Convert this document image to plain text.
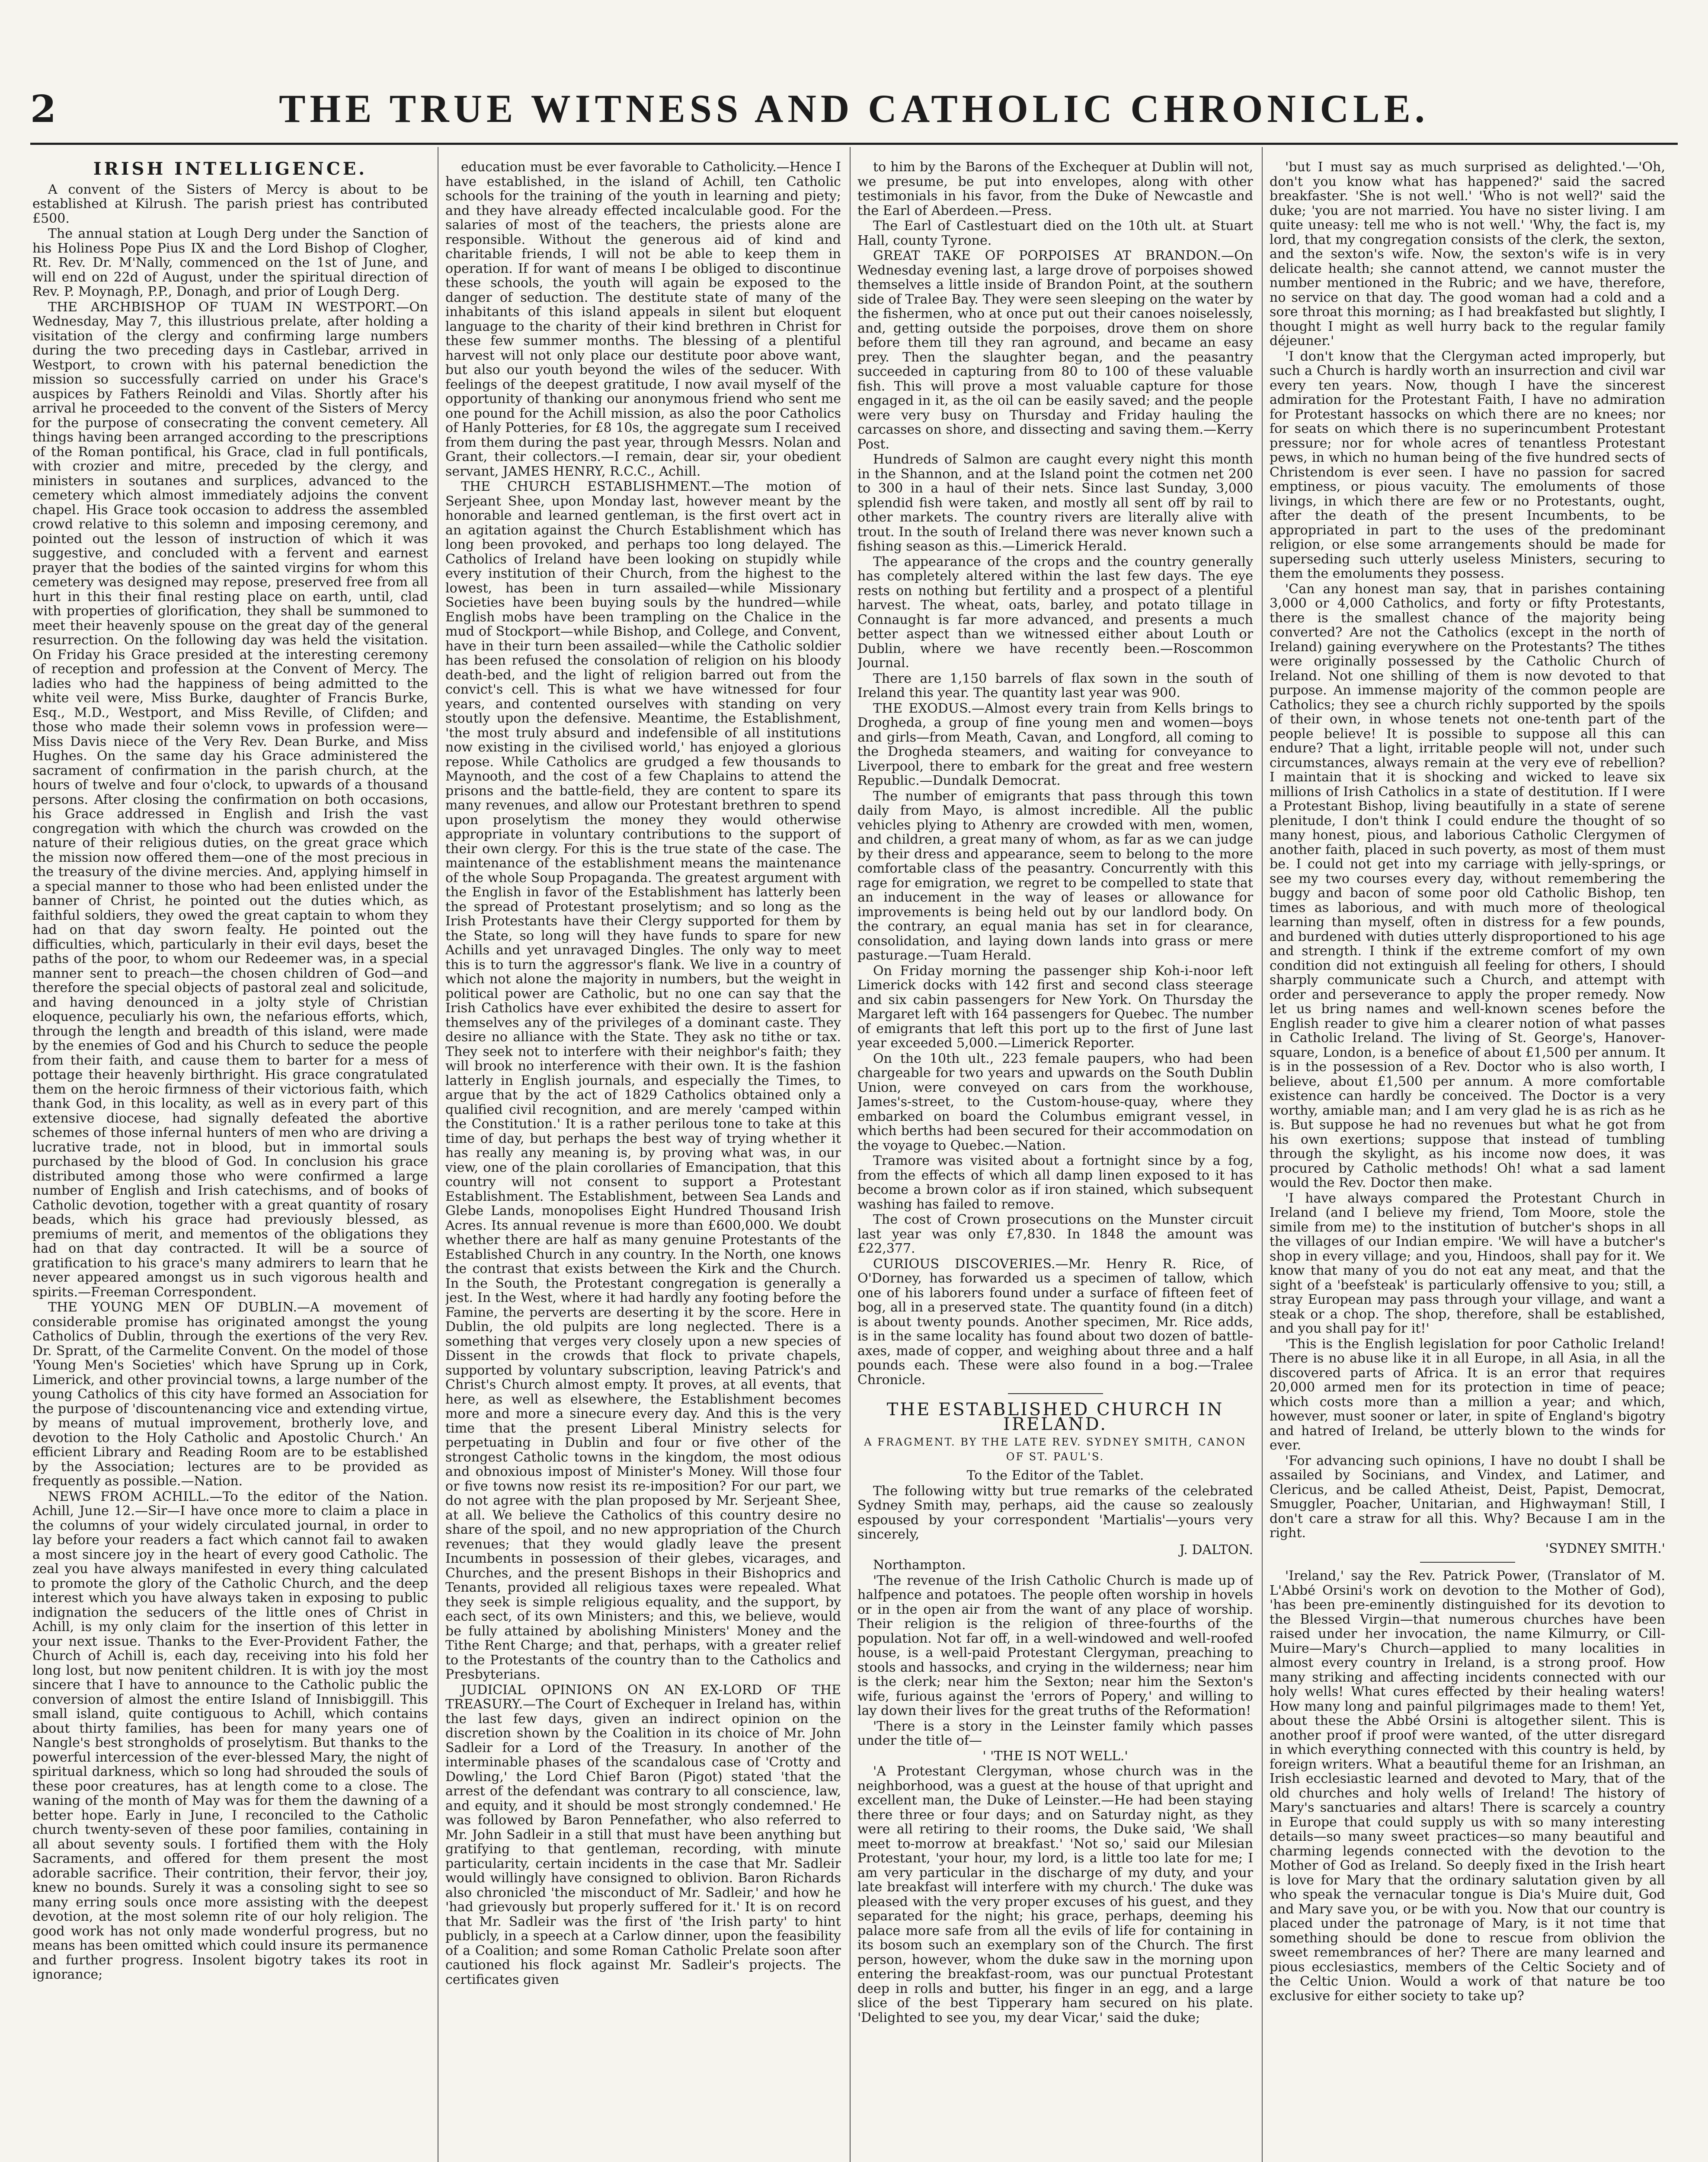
2	THE TRUE WITNESS AND CATHOLIC CHRONICLE.
IRISH INTELLIGENCE.

A convent of the Sisters of Mercy is about to be established at Kilrush. The parish priest has contributed £500.

The annual station at Lough Derg under the Sanction of his Holiness Pope Pius IX and the Lord Bishop of Clogher, Rt. Rev. Dr. M'Nally, commenced on the 1st of June, and will end on 22d of August, under the spiritual direction of Rev. P. Moynagh, P.P., Donagh, and prior of Lough Derg.

THE ARCHBISHOP OF TUAM IN WESTPORT.—On Wednesday, May 7, this illustrious prelate, after holding a visitation of the clergy and confirming large numbers during the two preceding days in Castlebar, arrived in Westport, to crown with his paternal benediction the mission so successfully carried on under his Grace's auspices by Fathers Reinoldi and Vilas. Shortly after his arrival he proceeded to the convent of the Sisters of Mercy for the purpose of consecrating the convent cemetery. All things having been arranged according to the prescriptions of the Roman pontifical, his Grace, clad in full pontificals, with crozier and mitre, preceded by the clergy, and ministers in soutanes and surplices, advanced to the cemetery which almost immediately adjoins the convent chapel. His Grace took occasion to address the assembled crowd relative to this solemn and imposing ceremony, and pointed out the lesson of instruction of which it was suggestive, and concluded with a fervent and earnest prayer that the bodies of the sainted virgins for whom this cemetery was designed may repose, preserved free from all hurt in this their final resting place on earth, until, clad with properties of glorification, they shall be summoned to meet their heavenly spouse on the great day of the general resurrection. On the following day was held the visitation. On Friday his Grace presided at the interesting ceremony of reception and profession at the Convent of Mercy. The ladies who had the happiness of being admitted to the white veil were, Miss Burke, daughter of Francis Burke, Esq., M.D., Westport, and Miss Reville, of Clifden; and those who made their solemn vows in profession were—Miss Davis niece of the Very Rev. Dean Burke, and Miss Hughes. On the same day his Grace administered the sacrament of confirmation in the parish church, at the hours of twelve and four o'clock, to upwards of a thousand persons. After closing the confirmation on both occasions, his Grace addressed in English and Irish the vast congregation with which the church was crowded on the nature of their religious duties, on the great grace which the mission now offered them—one of the most precious in the treasury of the divine mercies. And, applying himself in a special manner to those who had been enlisted under the banner of Christ, he pointed out the duties which, as faithful soldiers, they owed the great captain to whom they had on that day sworn fealty. He pointed out the difficulties, which, particularly in their evil days, beset the paths of the poor, to whom our Redeemer was, in a special manner sent to preach—the chosen children of God—and therefore the special objects of pastoral zeal and solicitude, and having denounced in a jolty style of Christian eloquence, peculiarly his own, the nefarious efforts, which, through the length and breadth of this island, were made by the enemies of God and his Church to seduce the people from their faith, and cause them to barter for a mess of pottage their heavenly birthright. His grace congratulated them on the heroic firmness of their victorious faith, which thank God, in this locality, as well as in every part of this extensive diocese, had signally defeated the abortive schemes of those infernal hunters of men who are driving a lucrative trade, not in blood, but in immortal souls purchased by the blood of God. In conclusion his grace distributed among those who were confirmed a large number of English and Irish catechisms, and of books of Catholic devotion, together with a great quantity of rosary beads, which his grace had previously blessed, as premiums of merit, and mementos of the obligations they had on that day contracted. It will be a source of gratification to his grace's many admirers to learn that he never appeared amongst us in such vigorous health and spirits.—Freeman Correspondent.

THE YOUNG MEN OF DUBLIN.—A movement of considerable promise has originated amongst the young Catholics of Dublin, through the exertions of the very Rev. Dr. Spratt, of the Carmelite Convent. On the model of those 'Young Men's Societies' which have Sprung up in Cork, Limerick, and other provincial towns, a large number of the young Catholics of this city have formed an Association for the purpose of 'discountenancing vice and extending virtue, by means of mutual improvement, brotherly love, and devotion to the Holy Catholic and Apostolic Church.' An efficient Library and Reading Room are to be established by the Association; lectures are to be provided as frequently as possible.—Nation.

NEWS FROM ACHILL.—To the editor of the Nation. Achill, June 12.—Sir—I have once more to claim a place in the columns of your widely circulated journal, in order to lay before your readers a fact which cannot fail to awaken a most sincere joy in the heart of every good Catholic. The zeal you have always manifested in every thing calculated to promote the glory of the Catholic Church, and the deep interest which you have always taken in exposing to public indignation the seducers of the little ones of Christ in Achill, is my only claim for the insertion of this letter in your next issue. Thanks to the Ever-Provident Father, the Church of Achill is, each day, receiving into his fold her long lost, but now penitent children. It is with joy the most sincere that I have to announce to the Catholic public the conversion of almost the entire Island of Innisbiggill. This small island, quite contiguous to Achill, which contains about thirty families, has been for many years one of Nangle's best strongholds of proselytism. But thanks to the powerful intercession of the ever-blessed Mary, the night of spiritual darkness, which so long had shrouded the souls of these poor creatures, has at length come to a close. The waning of the month of May was for them the dawning of a better hope. Early in June, I reconciled to the Catholic church twenty-seven of these poor families, containing in all about seventy souls. I fortified them with the Holy Sacraments, and offered for them present the most adorable sacrifice. Their contrition, their fervor, their joy, knew no bounds. Surely it was a consoling sight to see so many erring souls once more assisting with the deepest devotion, at the most solemn rite of our holy religion. The good work has not only made wonderful progress, but no means has been omitted which could insure its permanence and further progress. Insolent bigotry takes its root in ignorance;

education must be ever favorable to Catholicity.—Hence I have established, in the island of Achill, ten Catholic schools for the training of the youth in learning and piety; and they have already effected incalculable good. For the salaries of most of the teachers, the priests alone are responsible. Without the generous aid of kind and charitable friends, I will not be able to keep them in operation. If for want of means I be obliged to discontinue these schools, the youth will again be exposed to the danger of seduction. The destitute state of many of the inhabitants of this island appeals in silent but eloquent language to the charity of their kind brethren in Christ for these few summer months. The blessing of a plentiful harvest will not only place our destitute poor above want, but also our youth beyond the wiles of the seducer. With feelings of the deepest gratitude, I now avail myself of the opportunity of thanking our anonymous friend who sent me one pound for the Achill mission, as also the poor Catholics of Hanly Potteries, for £8 10s, the aggregate sum I received from them during the past year, through Messrs. Nolan and Grant, their collectors.—I remain, dear sir, your obedient servant, JAMES HENRY, R.C.C., Achill.

THE CHURCH ESTABLISHMENT.—The motion of Serjeant Shee, upon Monday last, however meant by the honorable and learned gentleman, is the first overt act in an agitation against the Church Establishment which has long been provoked, and perhaps too long delayed. The Catholics of Ireland have been looking on stupidly while every institution of their Church, from the highest to the lowest, has been in turn assailed—while Missionary Societies have been buying souls by the hundred—while English mobs have been trampling on the Chalice in the mud of Stockport—while Bishop, and College, and Convent, have in their turn been assailed—while the Catholic soldier has been refused the consolation of religion on his bloody death-bed, and the light of religion barred out from the convict's cell. This is what we have witnessed for four years, and contented ourselves with standing on very stoutly upon the defensive. Meantime, the Establishment, 'the most truly absurd and indefensible of all institutions now existing in the civilised world,' has enjoyed a glorious repose. While Catholics are grudged a few thousands to Maynooth, and the cost of a few Chaplains to attend the prisons and the battle-field, they are content to spare its many revenues, and allow our Protestant brethren to spend upon proselytism the money they would otherwise appropriate in voluntary contributions to the support of their own clergy. For this is the true state of the case. The maintenance of the establishment means the maintenance of the whole Soup Propaganda. The greatest argument with the English in favor of the Establishment has latterly been the spread of Protestant proselytism; and so long as the Irish Protestants have their Clergy supported for them by the State, so long will they have funds to spare for new Achills and yet unravaged Dingles. The only way to meet this is to turn the aggressor's flank. We live in a country of which not alone the majority in numbers, but the weight in political power are Catholic, but no one can say that the Irish Catholics have ever exhibited the desire to assert for themselves any of the privileges of a dominant caste. They desire no alliance with the State. They ask no tithe or tax. They seek not to interfere with their neighbor's faith; they will brook no interference with their own. It is the fashion latterly in English journals, and especially the Times, to argue that by the act of 1829 Catholics obtained only a qualified civil recognition, and are merely 'camped within the Constitution.' It is a rather perilous tone to take at this time of day, but perhaps the best way of trying whether it has really any meaning is, by proving what was, in our view, one of the plain corollaries of Emancipation, that this country will not consent to support a Protestant Establishment. The Establishment, between Sea Lands and Glebe Lands, monopolises Eight Hundred Thousand Irish Acres. Its annual revenue is more than £600,000. We doubt whether there are half as many genuine Protestants of the Established Church in any country. In the North, one knows the contrast that exists between the Kirk and the Church. In the South, the Protestant congregation is generally a jest. In the West, where it had hardly any footing before the Famine, the perverts are deserting it by the score. Here in Dublin, the old pulpits are long neglected. There is a something that verges very closely upon a new species of Dissent in the crowds that flock to private chapels, supported by voluntary subscription, leaving Patrick's and Christ's Church almost empty. It proves, at all events, that here, as well as elsewhere, the Establishment becomes more and more a sinecure every day. And this is the very time that the present Liberal Ministry selects for perpetuating in Dublin and four or five other of the strongest Catholic towns in the kingdom, the most odious and obnoxious impost of Minister's Money. Will those four or five towns now resist its re-imposition? For our part, we do not agree with the plan proposed by Mr. Serjeant Shee, at all. We believe the Catholics of this country desire no share of the spoil, and no new appropriation of the Church revenues; that they would gladly leave the present Incumbents in possession of their glebes, vicarages, and Churches, and the present Bishops in their Bishoprics and Tenants, provided all religious taxes were repealed. What they seek is simple religious equality, and the support, by each sect, of its own Ministers; and this, we believe, would be fully attained by abolishing Ministers' Money and the Tithe Rent Charge; and that, perhaps, with a greater relief to the Protestants of the country than to the Catholics and Presbyterians.

JUDICIAL OPINIONS ON AN EX-LORD OF THE TREASURY.—The Court of Exchequer in Ireland has, within the last few days, given an indirect opinion on the discretion shown by the Coalition in its choice of Mr. John Sadleir for a Lord of the Treasury. In another of the interminable phases of the scandalous case of 'Crotty and Dowling,' the Lord Chief Baron (Pigot) stated 'that the arrest of the defendant was contrary to all conscience, law, and equity, and it should be most strongly condemned.' He was followed by Baron Pennefather, who also referred to Mr. John Sadleir in a still that must have been anything but gratifying to that gentleman, recording, with minute particularity, certain incidents in the case that Mr. Sadleir would willingly have consigned to oblivion. Baron Richards also chronicled 'the misconduct of Mr. Sadleir,' and how he 'had grievously but properly suffered for it.' It is on record that Mr. Sadleir was the first of 'the Irish party' to hint publicly, in a speech at a Carlow dinner, upon the feasibility of a Coalition; and some Roman Catholic Prelate soon after cautioned his flock against Mr. Sadleir's projects. The certificates given

to him by the Barons of the Exchequer at Dublin will not, we presume, be put into envelopes, along with other testimonials in his favor, from the Duke of Newcastle and the Earl of Aberdeen.—Press.

The Earl of Castlestuart died on the 10th ult. at Stuart Hall, county Tyrone.

GREAT TAKE OF PORPOISES AT BRANDON.—On Wednesday evening last, a large drove of porpoises showed themselves a little inside of Brandon Point, at the southern side of Tralee Bay. They were seen sleeping on the water by the fishermen, who at once put out their canoes noiselessly, and, getting outside the porpoises, drove them on shore before them till they ran aground, and became an easy prey. Then the slaughter began, and the peasantry succeeded in capturing from 80 to 100 of these valuable fish. This will prove a most valuable capture for those engaged in it, as the oil can be easily saved; and the people were very busy on Thursday and Friday hauling the carcasses on shore, and dissecting and saving them.—Kerry Post.

Hundreds of Salmon are caught every night this month in the Shannon, and at the Island point the cotmen net 200 to 300 in a haul of their nets. Since last Sunday, 3,000 splendid fish were taken, and mostly all sent off by rail to other markets. The country rivers are literally alive with trout. In the south of Ireland there was never known such a fishing season as this.—Limerick Herald.

The appearance of the crops and the country generally has completely altered within the last few days. The eye rests on nothing but fertility and a prospect of a plentiful harvest. The wheat, oats, barley, and potato tillage in Connaught is far more advanced, and presents a much better aspect than we witnessed either about Louth or Dublin, where we have recently been.—Roscommon Journal.

There are 1,150 barrels of flax sown in the south of Ireland this year. The quantity last year was 900.

THE EXODUS.—Almost every train from Kells brings to Drogheda, a group of fine young men and women—boys and girls—from Meath, Cavan, and Longford, all coming to the Drogheda steamers, and waiting for conveyance to Liverpool, there to embark for the great and free western Republic.—Dundalk Democrat.

The number of emigrants that pass through this town daily from Mayo, is almost incredible. All the public vehicles plying to Athenry are crowded with men, women, and children, a great many of whom, as far as we can judge by their dress and appearance, seem to belong to the more comfortable class of the peasantry. Concurrently with this rage for emigration, we regret to be compelled to state that an inducement in the way of leases or allowance for improvements is being held out by our landlord body. On the contrary, an equal mania has set in for clearance, consolidation, and laying down lands into grass or mere pasturage.—Tuam Herald.

On Friday morning the passenger ship Koh-i-noor left Limerick docks with 142 first and second class steerage and six cabin passengers for New York. On Thursday the Margaret left with 164 passengers for Quebec. The number of emigrants that left this port up to the first of June last year exceeded 5,000.—Limerick Reporter.

On the 10th ult., 223 female paupers, who had been chargeable for two years and upwards on the South Dublin Union, were conveyed on cars from the workhouse, James's-street, to the Custom-house-quay, where they embarked on board the Columbus emigrant vessel, in which berths had been secured for their accommodation on the voyage to Quebec.—Nation.

Tramore was visited about a fortnight since by a fog, from the effects of which all damp linen exposed to it has become a brown color as if iron stained, which subsequent washing has failed to remove.

The cost of Crown prosecutions on the Munster circuit last year was only £7,830. In 1848 the amount was £22,377.

CURIOUS DISCOVERIES.—Mr. Henry R. Rice, of O'Dorney, has forwarded us a specimen of tallow, which one of his laborers found under a surface of fifteen feet of bog, all in a preserved state. The quantity found (in a ditch) is about twenty pounds. Another specimen, Mr. Rice adds, is in the same locality has found about two dozen of battle-axes, made of copper, and weighing about three and a half pounds each. These were also found in a bog.—Tralee Chronicle.

THE ESTABLISHED CHURCH IN IRELAND.
A FRAGMENT. BY THE LATE REV. SYDNEY SMITH, CANON OF ST. PAUL'S.

To the Editor of the Tablet.

The following witty but true remarks of the celebrated Sydney Smith may, perhaps, aid the cause so zealously espoused by your correspondent 'Martialis'—yours very sincerely,

J. DALTON.

Northampton.

'The revenue of the Irish Catholic Church is made up of halfpence and potatoes. The people often worship in hovels or in the open air from the want of any place of worship. Their religion is the religion of three-fourths of the population. Not far off, in a well-windowed and well-roofed house, is a well-paid Protestant Clergyman, preaching to stools and hassocks, and crying in the wilderness; near him is the clerk; near him the Sexton; near him the Sexton's wife, furious against the 'errors of Popery,' and willing to lay down their lives for the great truths of the Reformation!

'There is a story in the Leinster family which passes under the title of—

' 'THE IS NOT WELL.'

'A Protestant Clergyman, whose church was in the neighborhood, was a guest at the house of that upright and excellent man, the Duke of Leinster.—He had been staying there three or four days; and on Saturday night, as they were all retiring to their rooms, the Duke said, 'We shall meet to-morrow at breakfast.' 'Not so,' said our Milesian Protestant, 'your hour, my lord, is a little too late for me; I am very particular in the discharge of my duty, and your late breakfast will interfere with my church.' The duke was pleased with the very proper excuses of his guest, and they separated for the night; his grace, perhaps, deeming his palace more safe from all the evils of life for containing in its bosom such an exemplary son of the Church. The first person, however, whom the duke saw in the morning upon entering the breakfast-room, was our punctual Protestant deep in rolls and butter, his finger in an egg, and a large slice of the best Tipperary ham secured on his plate. 'Delighted to see you, my dear Vicar,' said the duke;

'but I must say as much surprised as delighted.'—'Oh, don't you know what has happened?' said the sacred breakfaster. 'She is not well.' 'Who is not well?' said the duke; 'you are not married. You have no sister living. I am quite uneasy: tell me who is not well.' 'Why, the fact is, my lord, that my congregation consists of the clerk, the sexton, and the sexton's wife. Now, the sexton's wife is in very delicate health; she cannot attend, we cannot muster the number mentioned in the Rubric; and we have, therefore, no service on that day. The good woman had a cold and a sore throat this morning; as I had breakfasted but slightly, I thought I might as well hurry back to the regular family déjeuner.'

'I don't know that the Clergyman acted improperly, but such a Church is hardly worth an insurrection and civil war every ten years. Now, though I have the sincerest admiration for the Protestant Faith, I have no admiration for Protestant hassocks on which there are no knees; nor for seats on which there is no superincumbent Protestant pressure; nor for whole acres of tenantless Protestant pews, in which no human being of the five hundred sects of Christendom is ever seen. I have no passion for sacred emptiness, or pious vacuity. The emoluments of those livings, in which there are few or no Protestants, ought, after the death of the present Incumbents, to be appropriated in part to the uses of the predominant religion, or else some arrangements should be made for superseding such utterly useless Ministers, securing to them the emoluments they possess.

'Can any honest man say, that in parishes containing 3,000 or 4,000 Catholics, and forty or fifty Protestants, there is the smallest chance of the majority being converted? Are not the Catholics (except in the north of Ireland) gaining everywhere on the Protestants? The tithes were originally possessed by the Catholic Church of Ireland. Not one shilling of them is now devoted to that purpose. An immense majority of the common people are Catholics; they see a church richly supported by the spoils of their own, in whose tenets not one-tenth part of the people believe! It is possible to suppose all this can endure? That a light, irritable people will not, under such circumstances, always remain at the very eve of rebellion? I maintain that it is shocking and wicked to leave six millions of Irish Catholics in a state of destitution. If I were a Protestant Bishop, living beautifully in a state of serene plenitude, I don't think I could endure the thought of so many honest, pious, and laborious Catholic Clergymen of another faith, placed in such poverty, as most of them must be. I could not get into my carriage with jelly-springs, or see my two courses every day, without remembering the buggy and bacon of some poor old Catholic Bishop, ten times as laborious, and with much more of theological learning than myself, often in distress for a few pounds, and burdened with duties utterly disproportioned to his age and strength. I think if the extreme comfort of my own condition did not extinguish all feeling for others, I should sharply communicate such a Church, and attempt with order and perseverance to apply the proper remedy. Now let us bring names and well-known scenes before the English reader to give him a clearer notion of what passes in Catholic Ireland. The living of St. George's, Hanover-square, London, is a benefice of about £1,500 per annum. It is in the possession of a Rev. Doctor who is also worth, I believe, about £1,500 per annum. A more comfortable existence can hardly be conceived. The Doctor is a very worthy, amiable man; and I am very glad he is as rich as he is. But suppose he had no revenues but what he got from his own exertions; suppose that instead of tumbling through the skylight, as his income now does, it was procured by Catholic methods! Oh! what a sad lament would the Rev. Doctor then make.

'I have always compared the Protestant Church in Ireland (and I believe my friend, Tom Moore, stole the simile from me) to the institution of butcher's shops in all the villages of our Indian empire. 'We will have a butcher's shop in every village; and you, Hindoos, shall pay for it. We know that many of you do not eat any meat, and that the sight of a 'beefsteak' is particularly offensive to you; still, a stray European may pass through your village, and want a steak or a chop. The shop, therefore, shall be established, and you shall pay for it!'

'This is the English legislation for poor Catholic Ireland! There is no abuse like it in all Europe, in all Asia, in all the discovered parts of Africa. It is an error that requires 20,000 armed men for its protection in time of peace; which costs more than a million a year; and which, however, must sooner or later, in spite of England's bigotry and hatred of Ireland, be utterly blown to the winds for ever.

'For advancing such opinions, I have no doubt I shall be assailed by Socinians, and Vindex, and Latimer, and Clericus, and be called Atheist, Deist, Papist, Democrat, Smuggler, Poacher, Unitarian, and Highwayman! Still, I don't care a straw for all this. Why? Because I am in the right.

'SYDNEY SMITH.'

'Ireland,' say the Rev. Patrick Power, (Translator of M. L'Abbé Orsini's work on devotion to the Mother of God), 'has been pre-eminently distinguished for its devotion to the Blessed Virgin—that numerous churches have been raised under her invocation, the name Kilmurry, or Cill-Muire—Mary's Church—applied to many localities in almost every country in Ireland, is a strong proof. How many striking and affecting incidents connected with our holy wells! What cures effected by their healing waters! How many long and painful pilgrimages made to them! Yet, about these the Abbé Orsini is altogether silent. This is another proof if proof were wanted, of the utter disregard in which everything connected with this country is held, by foreign writers. What a beautiful theme for an Irishman, an Irish ecclesiastic learned and devoted to Mary, that of the old churches and holy wells of Ireland! The history of Mary's sanctuaries and altars! There is scarcely a country in Europe that could supply us with so many interesting details—so many sweet practices—so many beautiful and charming legends connected with the devotion to the Mother of God as Ireland. So deeply fixed in the Irish heart is love for Mary that the ordinary salutation given by all who speak the vernacular tongue is Dia's Muire duit, God and Mary save you, or be with you. Now that our country is placed under the patronage of Mary, is it not time that something should be done to rescue from oblivion the sweet remembrances of her? There are many learned and pious ecclesiastics, members of the Celtic Society and of the Celtic Union. Would a work of that nature be too exclusive for either society to take up?
